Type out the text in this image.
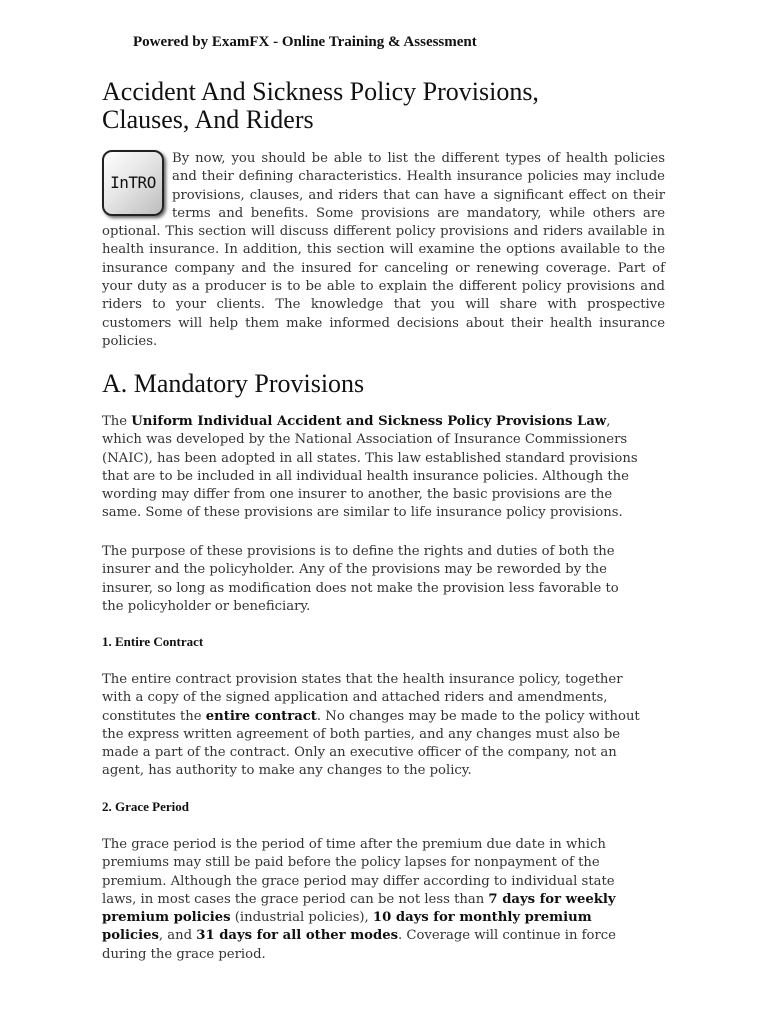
Powered by ExamFX - Online Training & Assessment
Accident And Sickness Policy Provisions,
Clauses, And Riders
InTRO
By now, you should be able to list the different types of health policies and their defining characteristics. Health insurance policies may include provisions, clauses, and riders that can have a significant effect on their terms and benefits. Some provisions are mandatory, while others are optional. This section will discuss different policy provisions and riders available in health insurance. In addition, this section will examine the options available to the insurance company and the insured for canceling or renewing coverage. Part of your duty as a producer is to be able to explain the different policy provisions and riders to your clients. The knowledge that you will share with prospective customers will help them make informed decisions about their health insurance policies.
A. Mandatory Provisions

The Uniform Individual Accident and Sickness Policy Provisions Law, which was developed by the National Association of Insurance Commissioners (NAIC), has been adopted in all states. This law established standard provisions that are to be included in all individual health insurance policies. Although the wording may differ from one insurer to another, the basic provisions are the same. Some of these provisions are similar to life insurance policy provisions.

The purpose of these provisions is to define the rights and duties of both the insurer and the policyholder. Any of the provisions may be reworded by the insurer, so long as modification does not make the provision less favorable to the policyholder or beneficiary.

1. Entire Contract

The entire contract provision states that the health insurance policy, together with a copy of the signed application and attached riders and amendments, constitutes the entire contract. No changes may be made to the policy without the express written agreement of both parties, and any changes must also be made a part of the contract. Only an executive officer of the company, not an agent, has authority to make any changes to the policy.

2. Grace Period

The grace period is the period of time after the premium due date in which premiums may still be paid before the policy lapses for nonpayment of the premium. Although the grace period may differ according to individual state laws, in most cases the grace period can be not less than 7 days for weekly premium policies (industrial policies), 10 days for monthly premium policies, and 31 days for all other modes. Coverage will continue in force during the grace period.
